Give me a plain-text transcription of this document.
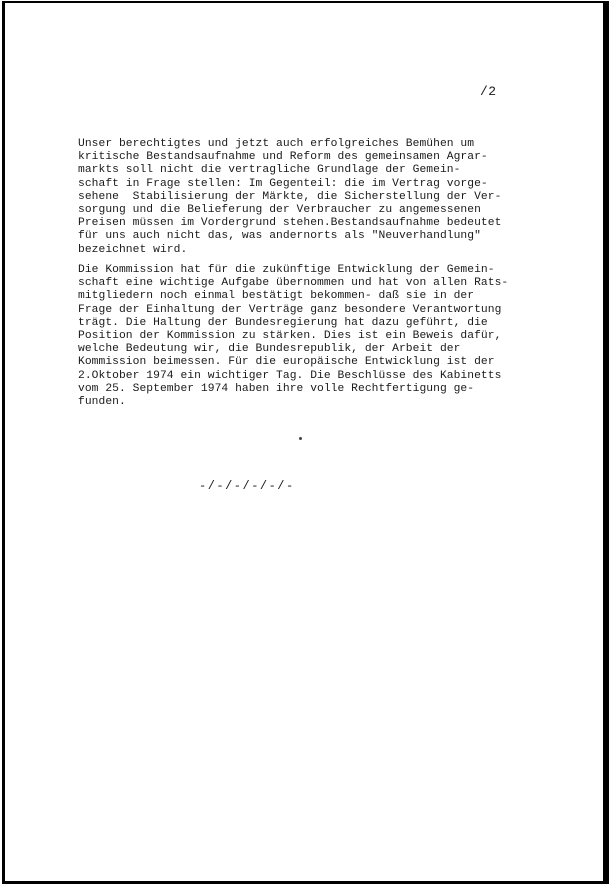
/2
Unser berechtigtes und jetzt auch erfolgreiches Bemühen um
kritische Bestandsaufnahme und Reform des gemeinsamen Agrar-
markts soll nicht die vertragliche Grundlage der Gemein-
schaft in Frage stellen: Im Gegenteil: die im Vertrag vorge-
sehene  Stabilisierung der Märkte, die Sicherstellung der Ver-
sorgung und die Belieferung der Verbraucher zu angemessenen
Preisen müssen im Vordergrund stehen.Bestandsaufnahme bedeutet
für uns auch nicht das, was andernorts als "Neuverhandlung"
bezeichnet wird.
Die Kommission hat für die zukünftige Entwicklung der Gemein-
schaft eine wichtige Aufgabe übernommen und hat von allen Rats-
mitgliedern noch einmal bestätigt bekommen- daß sie in der
Frage der Einhaltung der Verträge ganz besondere Verantwortung
trägt. Die Haltung der Bundesregierung hat dazu geführt, die
Position der Kommission zu stärken. Dies ist ein Beweis dafür,
welche Bedeutung wir, die Bundesrepublik, der Arbeit der
Kommission beimessen. Für die europäische Entwicklung ist der
2.Oktober 1974 ein wichtiger Tag. Die Beschlüsse des Kabinetts
vom 25. September 1974 haben ihre volle Rechtfertigung ge-
funden.
-/-/-/-/-/-
